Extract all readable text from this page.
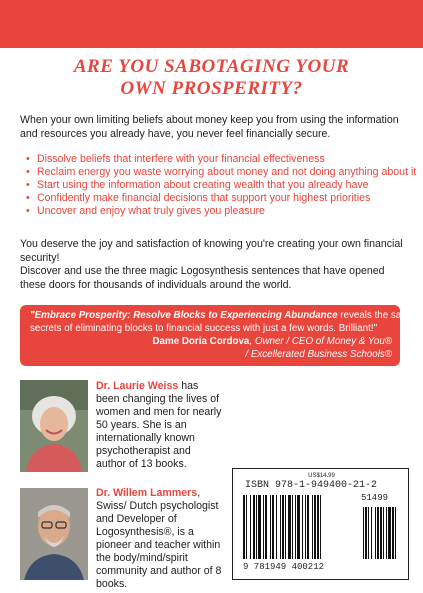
ARE YOU SABOTAGING YOUR
OWN PROSPERITY?
When your own limiting beliefs about money keep you from using the information and resources you already have, you never feel financially secure.
• Dissolve beliefs that interfere with your financial effectiveness
• Reclaim energy you waste worrying about money and not doing anything about it
• Start using the information about creating wealth that you already have
• Confidently make financial decisions that support your highest priorities
• Uncover and enjoy what truly gives you pleasure
You deserve the joy and satisfaction of knowing you're creating your own financial security!
Discover and use the three magic Logosynthesis sentences that have opened these doors for thousands of individuals around the world.
"Embrace Prosperity: Resolve Blocks to Experiencing Abundance reveals the savvy
secrets of eliminating blocks to financial success with just a few words. Brilliant!"
Dame Doria Cordova, Owner / CEO of Money & You®
/ Excellerated Business Schools®
Dr. Laurie Weiss has been changing the lives of women and men for nearly 50 years. She is an internationally known psychotherapist and author of 13 books.
Dr. Willem Lammers, Swiss/ Dutch psychologist and Developer of Logosynthesis®, is a pioneer and teacher within the body/mind/spirit community and author of 8 books.
US$14.99
ISBN 978-1-949400-21-2
9 781949 400212
51499
